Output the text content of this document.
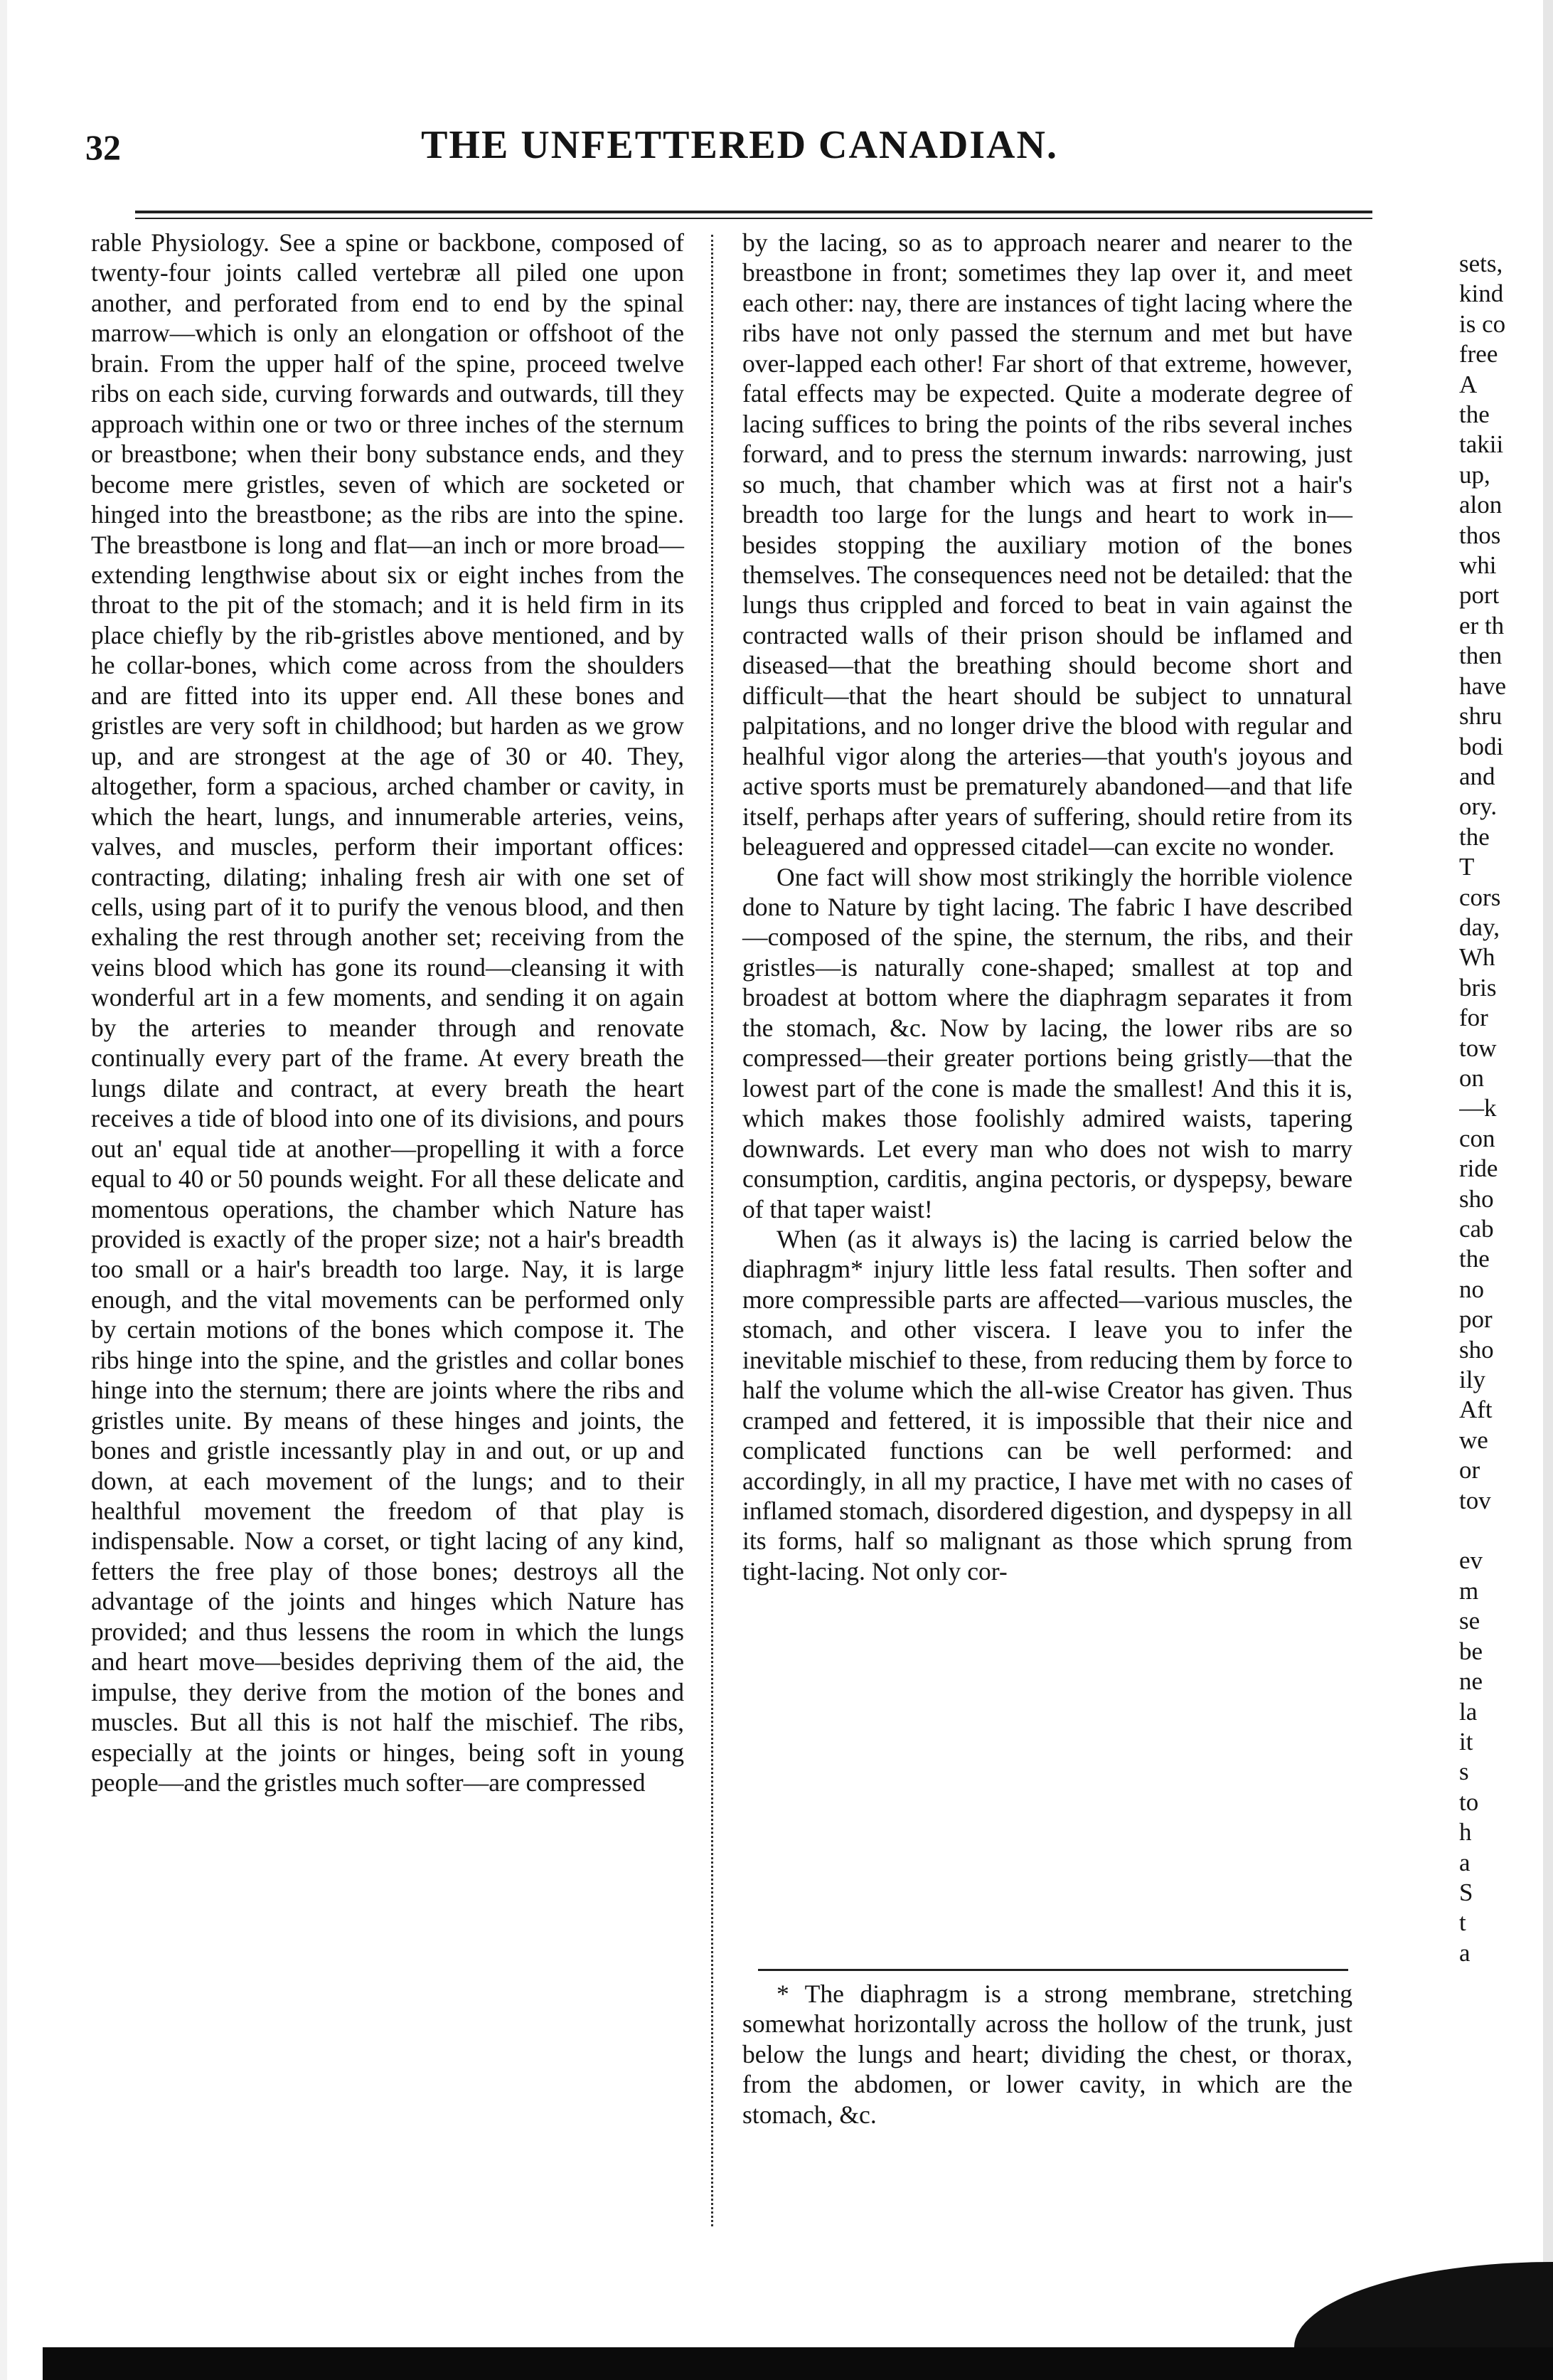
32	THE UNFETTERED CANADIAN.

rable Physiology. See a spine or backbone, composed of twenty-four joints called vertebræ all piled one upon another, and perforated from end to end by the spinal marrow—which is only an elongation or offshoot of the brain. From the upper half of the spine, proceed twelve ribs on each side, curving forwards and outwards, till they approach within one or two or three inches of the sternum or breastbone; when their bony substance ends, and they become mere gristles, seven of which are socketed or hinged into the breastbone; as the ribs are into the spine. The breastbone is long and flat—an inch or more broad—extending lengthwise about six or eight inches from the throat to the pit of the stomach; and it is held firm in its place chiefly by the rib-gristles above mentioned, and by he collar-bones, which come across from the shoulders and are fitted into its upper end. All these bones and gristles are very soft in childhood; but harden as we grow up, and are strongest at the age of 30 or 40. They, altogether, form a spacious, arched chamber or cavity, in which the heart, lungs, and innumerable arteries, veins, valves, and muscles, perform their important offices: contracting, dilating; inhaling fresh air with one set of cells, using part of it to purify the venous blood, and then exhaling the rest through another set; receiving from the veins blood which has gone its round—cleansing it with wonderful art in a few moments, and sending it on again by the arteries to meander through and renovate continually every part of the frame. At every breath the lungs dilate and contract, at every breath the heart receives a tide of blood into one of its divisions, and pours out an' equal tide at another—propelling it with a force equal to 40 or 50 pounds weight. For all these delicate and momentous operations, the chamber which Nature has provided is exactly of the proper size; not a hair's breadth too small or a hair's breadth too large. Nay, it is large enough, and the vital movements can be performed only by certain motions of the bones which compose it. The ribs hinge into the spine, and the gristles and collar bones hinge into the sternum; there are joints where the ribs and gristles unite. By means of these hinges and joints, the bones and gristle incessantly play in and out, or up and down, at each movement of the lungs; and to their healthful movement the freedom of that play is indispensable. Now a corset, or tight lacing of any kind, fetters the free play of those bones; destroys all the advantage of the joints and hinges which Nature has provided; and thus lessens the room in which the lungs and heart move—besides depriving them of the aid, the impulse, they derive from the motion of the bones and muscles. But all this is not half the mischief. The ribs, especially at the joints or hinges, being soft in young people—and the gristles much softer—are compressed

by the lacing, so as to approach nearer and nearer to the breastbone in front; sometimes they lap over it, and meet each other: nay, there are instances of tight lacing where the ribs have not only passed the sternum and met but have over-lapped each other! Far short of that extreme, however, fatal effects may be expected. Quite a moderate degree of lacing suffices to bring the points of the ribs several inches forward, and to press the sternum inwards: narrowing, just so much, that chamber which was at first not a hair's breadth too large for the lungs and heart to work in—besides stopping the auxiliary motion of the bones themselves. The consequences need not be detailed: that the lungs thus crippled and forced to beat in vain against the contracted walls of their prison should be inflamed and diseased—that the breathing should become short and difficult—that the heart should be subject to unnatural palpitations, and no longer drive the blood with regular and healhful vigor along the arteries—that youth's joyous and active sports must be prematurely abandoned—and that life itself, perhaps after years of suffering, should retire from its beleaguered and oppressed citadel—can excite no wonder.

One fact will show most strikingly the horrible violence done to Nature by tight lacing. The fabric I have described—composed of the spine, the sternum, the ribs, and their gristles—is naturally cone-shaped; smallest at top and broadest at bottom where the diaphragm separates it from the stomach, &c. Now by lacing, the lower ribs are so compressed—their greater portions being gristly—that the lowest part of the cone is made the smallest! And this it is, which makes those foolishly admired waists, tapering downwards. Let every man who does not wish to marry consumption, carditis, angina pectoris, or dyspepsy, beware of that taper waist!

When (as it always is) the lacing is carried below the diaphragm* injury little less fatal results. Then softer and more compressible parts are affected—various muscles, the stomach, and other viscera. I leave you to infer the inevitable mischief to these, from reducing them by force to half the volume which the all-wise Creator has given. Thus cramped and fettered, it is impossible that their nice and complicated functions can be well performed: and accordingly, in all my practice, I have met with no cases of inflamed stomach, disordered digestion, and dyspepsy in all its forms, half so malignant as those which sprung from tight-lacing. Not only cor-

* The diaphragm is a strong membrane, stretching somewhat horizontally across the hollow of the trunk, just below the lungs and heart; dividing the chest, or thorax, from the abdomen, or lower cavity, in which are the stomach, &c.
sets,
kind
is co
free
A
the
takii
up,
alon
thos
whi
port
er th
then
have
shru
bodi
and
ory.
the
T
cors
day,
Wh
bris
for
tow
on
—k
con
ride
sho
cab
the
no
por
sho
ily
Aft
we
or
tov

ev
m
se
be
ne
la
it
s
to
h
a
S
t
a
